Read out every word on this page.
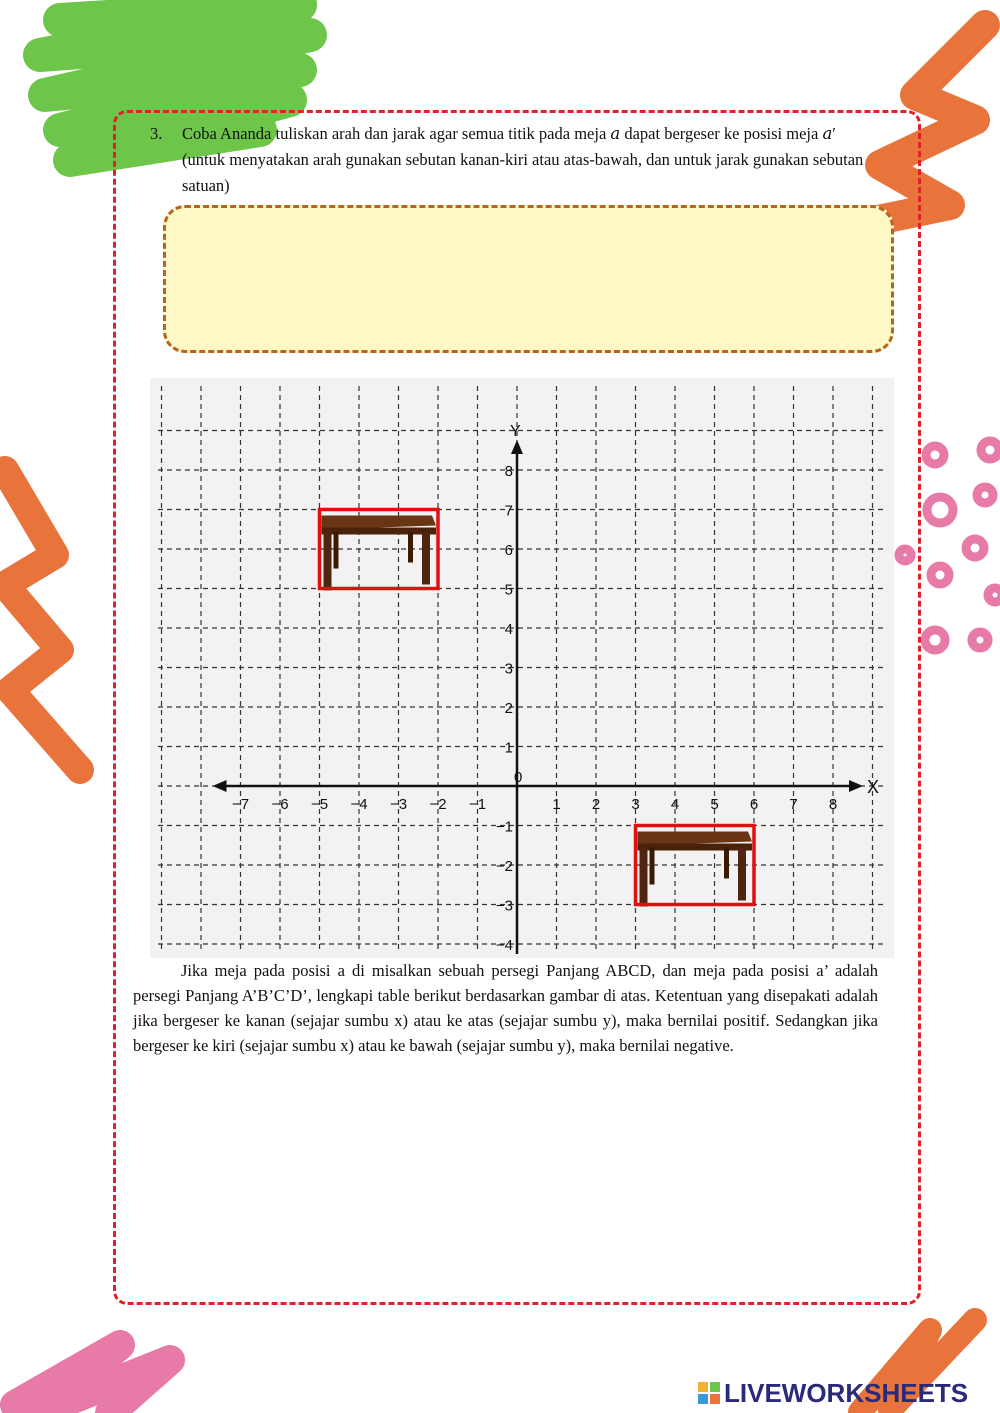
3.	Coba Ananda tuliskan arah dan jarak agar semua titik pada meja 𝑎 dapat bergeser ke posisi meja 𝑎′ (untuk menyatakan arah gunakan sebutan kanan-kiri atau atas-bawah, dan untuk jarak gunakan sebutan satuan)
X
Y
0
−7 −6 −5 −4 −3 −2 −1	1 2 3 4 5 6 7 8
−4
−3
−2
−1
1
2
3
4
5
6
7
8
Jika meja pada posisi a di misalkan sebuah persegi Panjang ABCD, dan meja pada posisi a’ adalah persegi Panjang A’B’C’D’, lengkapi table berikut berdasarkan gambar di atas. Ketentuan yang disepakati adalah jika bergeser ke kanan (sejajar sumbu x) atau ke atas (sejajar sumbu y), maka bernilai positif. Sedangkan jika bergeser ke kiri (sejajar sumbu x) atau ke bawah (sejajar sumbu y), maka bernilai negative.
LIVEWORKSHEETS
